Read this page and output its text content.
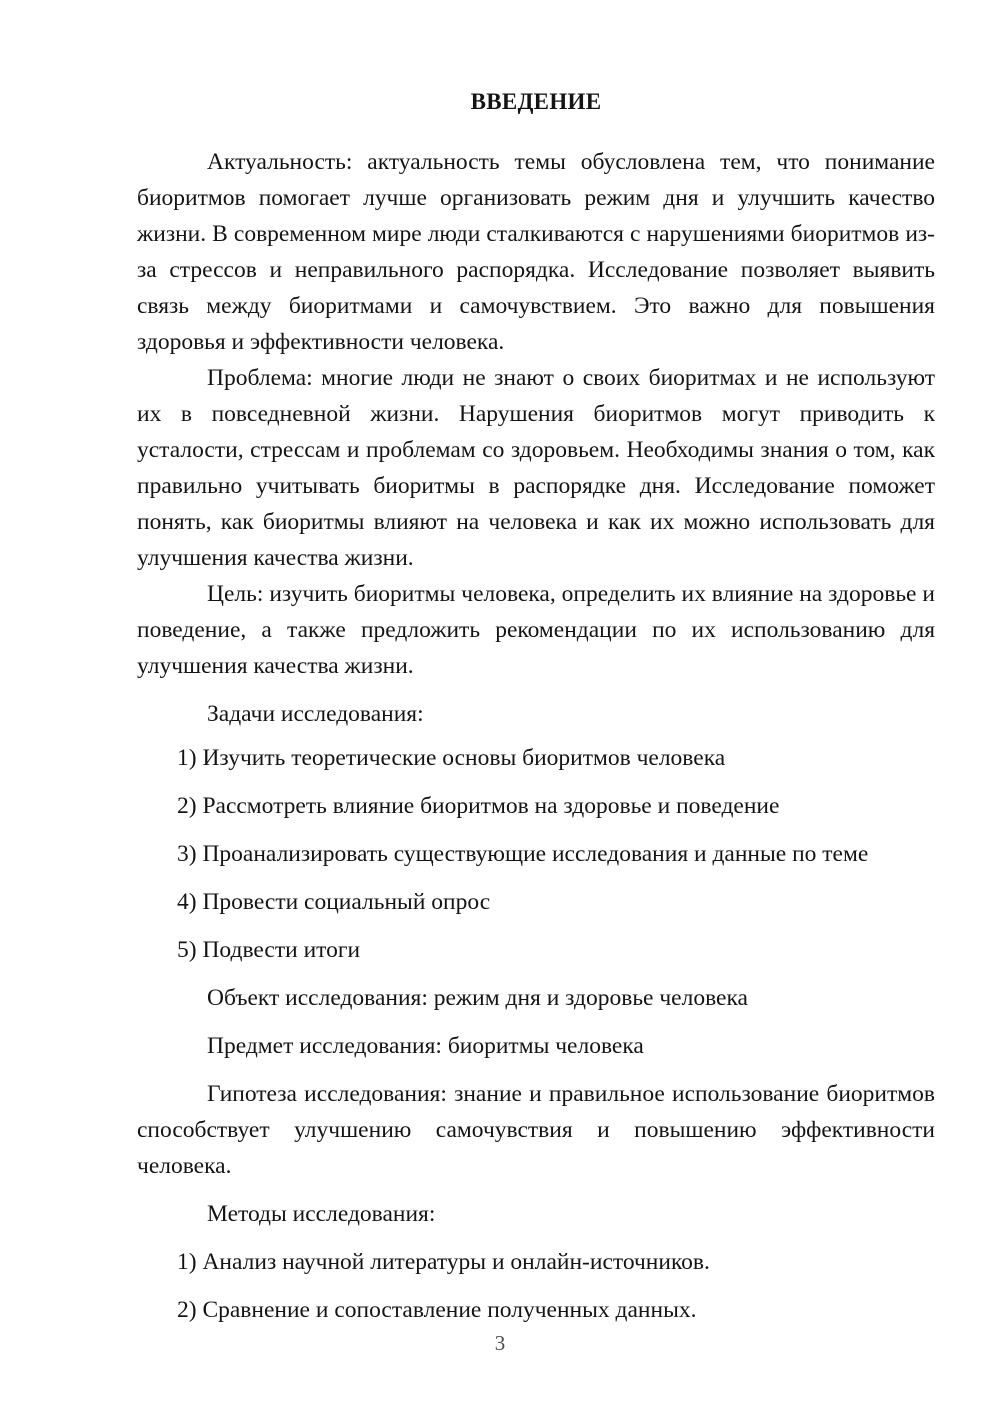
ВВЕДЕНИЕ

Актуальность: актуальность темы обусловлена тем, что понимание биоритмов помогает лучше организовать режим дня и улучшить качество жизни. В современном мире люди сталкиваются с нарушениями биоритмов из-за стрессов и неправильного распорядка. Исследование позволяет выявить связь между биоритмами и самочувствием. Это важно для повышения здоровья и эффективности человека.

Проблема: многие люди не знают о своих биоритмах и не используют их в повседневной жизни. Нарушения биоритмов могут приводить к усталости, стрессам и проблемам со здоровьем. Необходимы знания о том, как правильно учитывать биоритмы в распорядке дня. Исследование поможет понять, как биоритмы влияют на человека и как их можно использовать для улучшения качества жизни.

Цель: изучить биоритмы человека, определить их влияние на здоровье и поведение, а также предложить рекомендации по их использованию для улучшения качества жизни.

Задачи исследования:

1) Изучить теоретические основы биоритмов человека

2) Рассмотреть влияние биоритмов на здоровье и поведение

3) Проанализировать существующие исследования и данные по теме

4) Провести социальный опрос

5) Подвести итоги

Объект исследования: режим дня и здоровье человека

Предмет исследования: биоритмы человека

Гипотеза исследования: знание и правильное использование биоритмов способствует улучшению самочувствия и повышению эффективности человека.

Методы исследования:

1) Анализ научной литературы и онлайн-источников.

2) Сравнение и сопоставление полученных данных.

3
